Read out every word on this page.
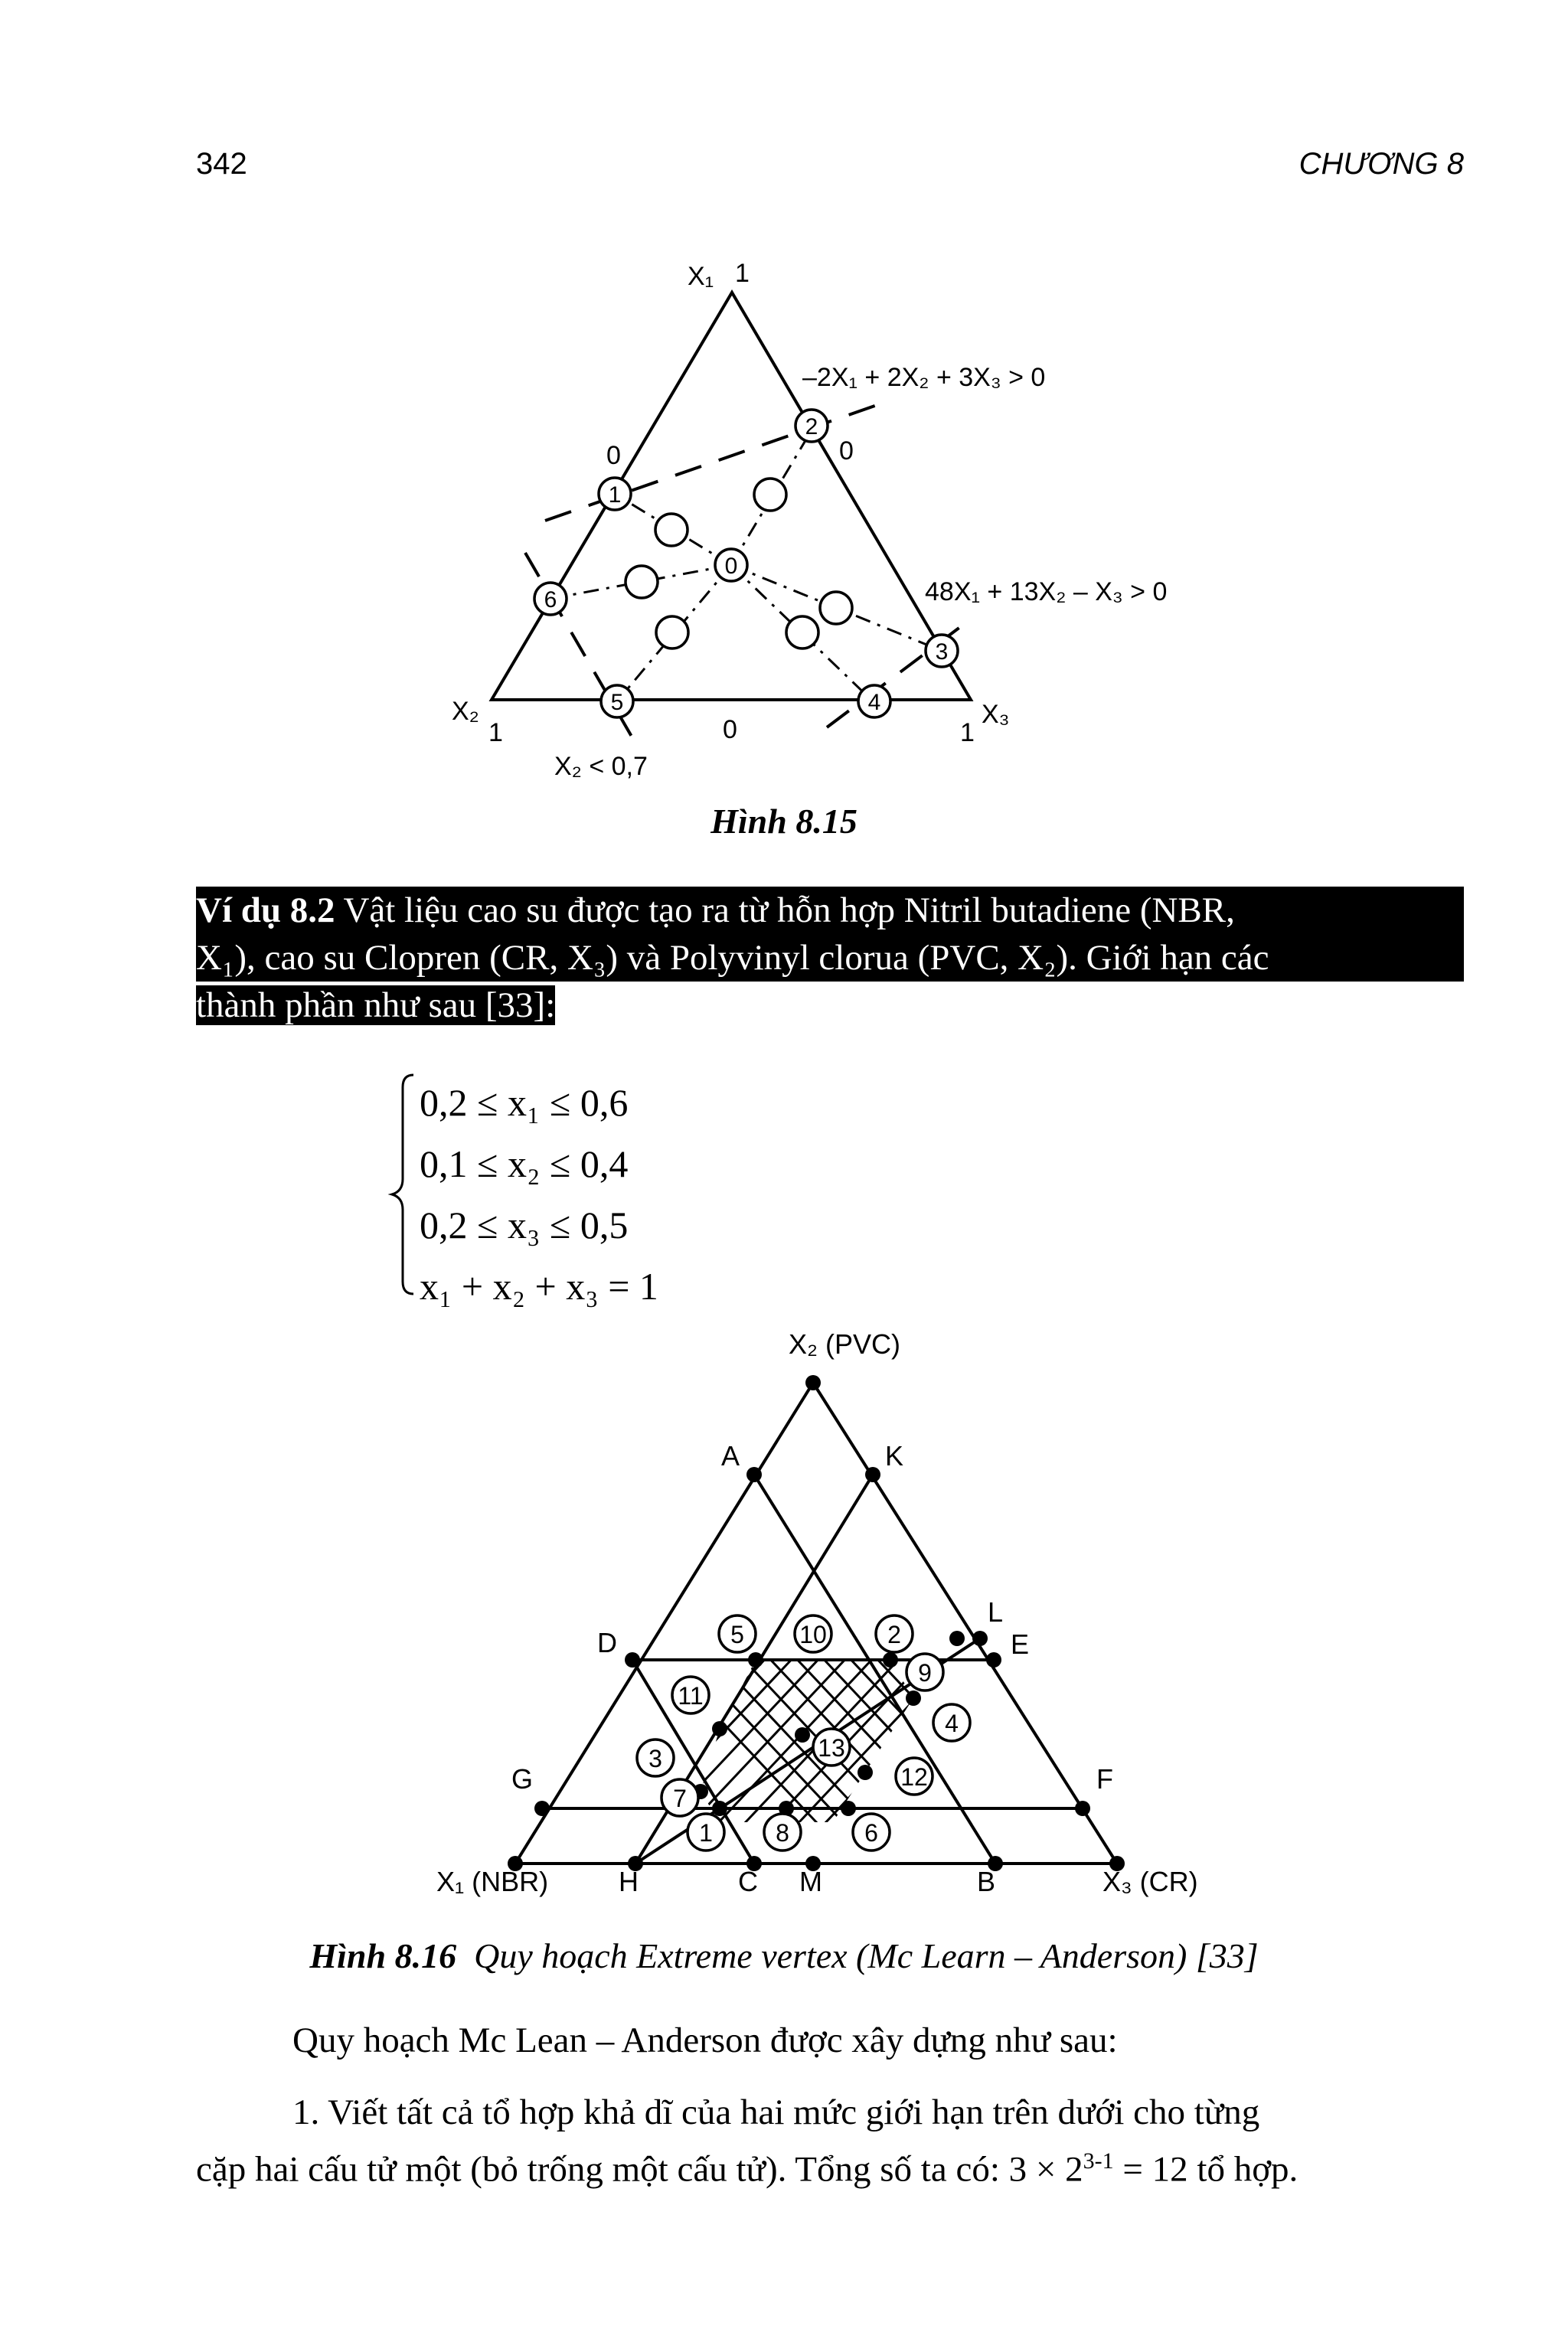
342	CHƯƠNG 8
0
1
2
3
4
5
6
X₁ 1
X₂	X₃
1	1
0
0	0
–2X₁ + 2X₂ + 3X₃ > 0
48X₁ + 13X₂ – X₃ > 0
X₂ < 0,7
1
2
3
4
5
6
7
8
9
10
11
12
13
X₂ (PVC)
X₁ (NBR)	X₃ (CR)
A	K
L
D	E
G	F
H	C M	B
Hình 8.15
Ví dụ 8.2 Vật liệu cao su được tạo ra từ hỗn hợp Nitril butadiene (NBR,
X₁), cao su Clopren (CR, X₃) và Polyvinyl clorua (PVC, X₂). Giới hạn các
thành phần như sau [33]:
0,2 ≤ x₁ ≤ 0,6
0,1 ≤ x₂ ≤ 0,4
0,2 ≤ x₃ ≤ 0,5
x₁ + x₂ + x₃ = 1
Hình 8.16 Quy hoạch Extreme vertex (Mc Learn – Anderson) [33]
Quy hoạch Mc Lean – Anderson được xây dựng như sau:
1. Viết tất cả tổ hợp khả dĩ của hai mức giới hạn trên dưới cho từng
cặp hai cấu tử một (bỏ trống một cấu tử). Tổng số ta có: $3 \times 2^{3-1} = 12$ tổ hợp.
